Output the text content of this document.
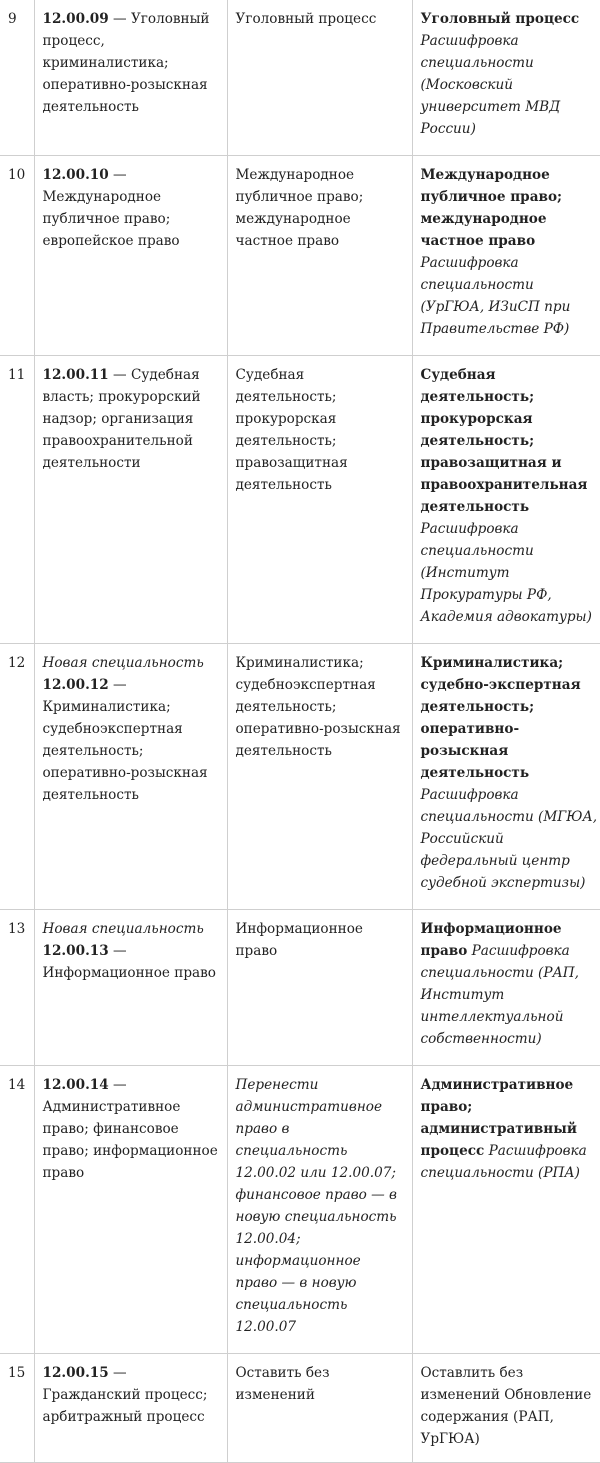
9	12.00.09 — Уголовный процесс, криминалистика; оперативно-розыскная деятельность	Уголовный процесс	Уголовный процесс Расшифровка специальности (Московский университет МВД России)
10	12.00.10 — Международное публичное право; европейское право	Международное публичное право; международное частное право	Международное публичное право; международное частное право Расшифровка специальности (УрГЮА, ИЗиСП при Правительстве РФ)
11	12.00.11 — Судебная власть; прокурорский надзор; организация правоохранительной деятельности	Судебная деятельность; прокурорская деятельность; правозащитная деятельность	Судебная деятельность; прокурорская деятельность; правозащитная и правоохранительная деятельность Расшифровка специальности (Институт Прокуратуры РФ, Академия адвокатуры)
12	Новая специальность 12.00.12 — Криминалистика; судебноэкспертная деятельность; оперативно-розыскная деятельность	Криминалистика; судебноэкспертная деятельность; оперативно-розыскная деятельность	Криминалистика; судебно-экспертная деятельность; оперативно-розыскная деятельность Расшифровка специальности (МГЮА, Российский федеральный центр судебной экспертизы)
13	Новая специальность 12.00.13 — Информационное право	Информационное право	Информационное право Расшифровка специальности (РАП, Институт интеллектуальной собственности)
14	12.00.14 — Административное право; финансовое право; информационное право	Перенести административное право в специальность 12.00.02 или 12.00.07; финансовое право — в новую специальность 12.00.04; информационное право — в новую специальность 12.00.07	Административное право; административный процесс Расшифровка специальности (РПА)
15	12.00.15 — Гражданский процесс; арбитражный процесс	Оставить без изменений	Оставлить без изменений Обновление содержания (РАП, УрГЮА)
